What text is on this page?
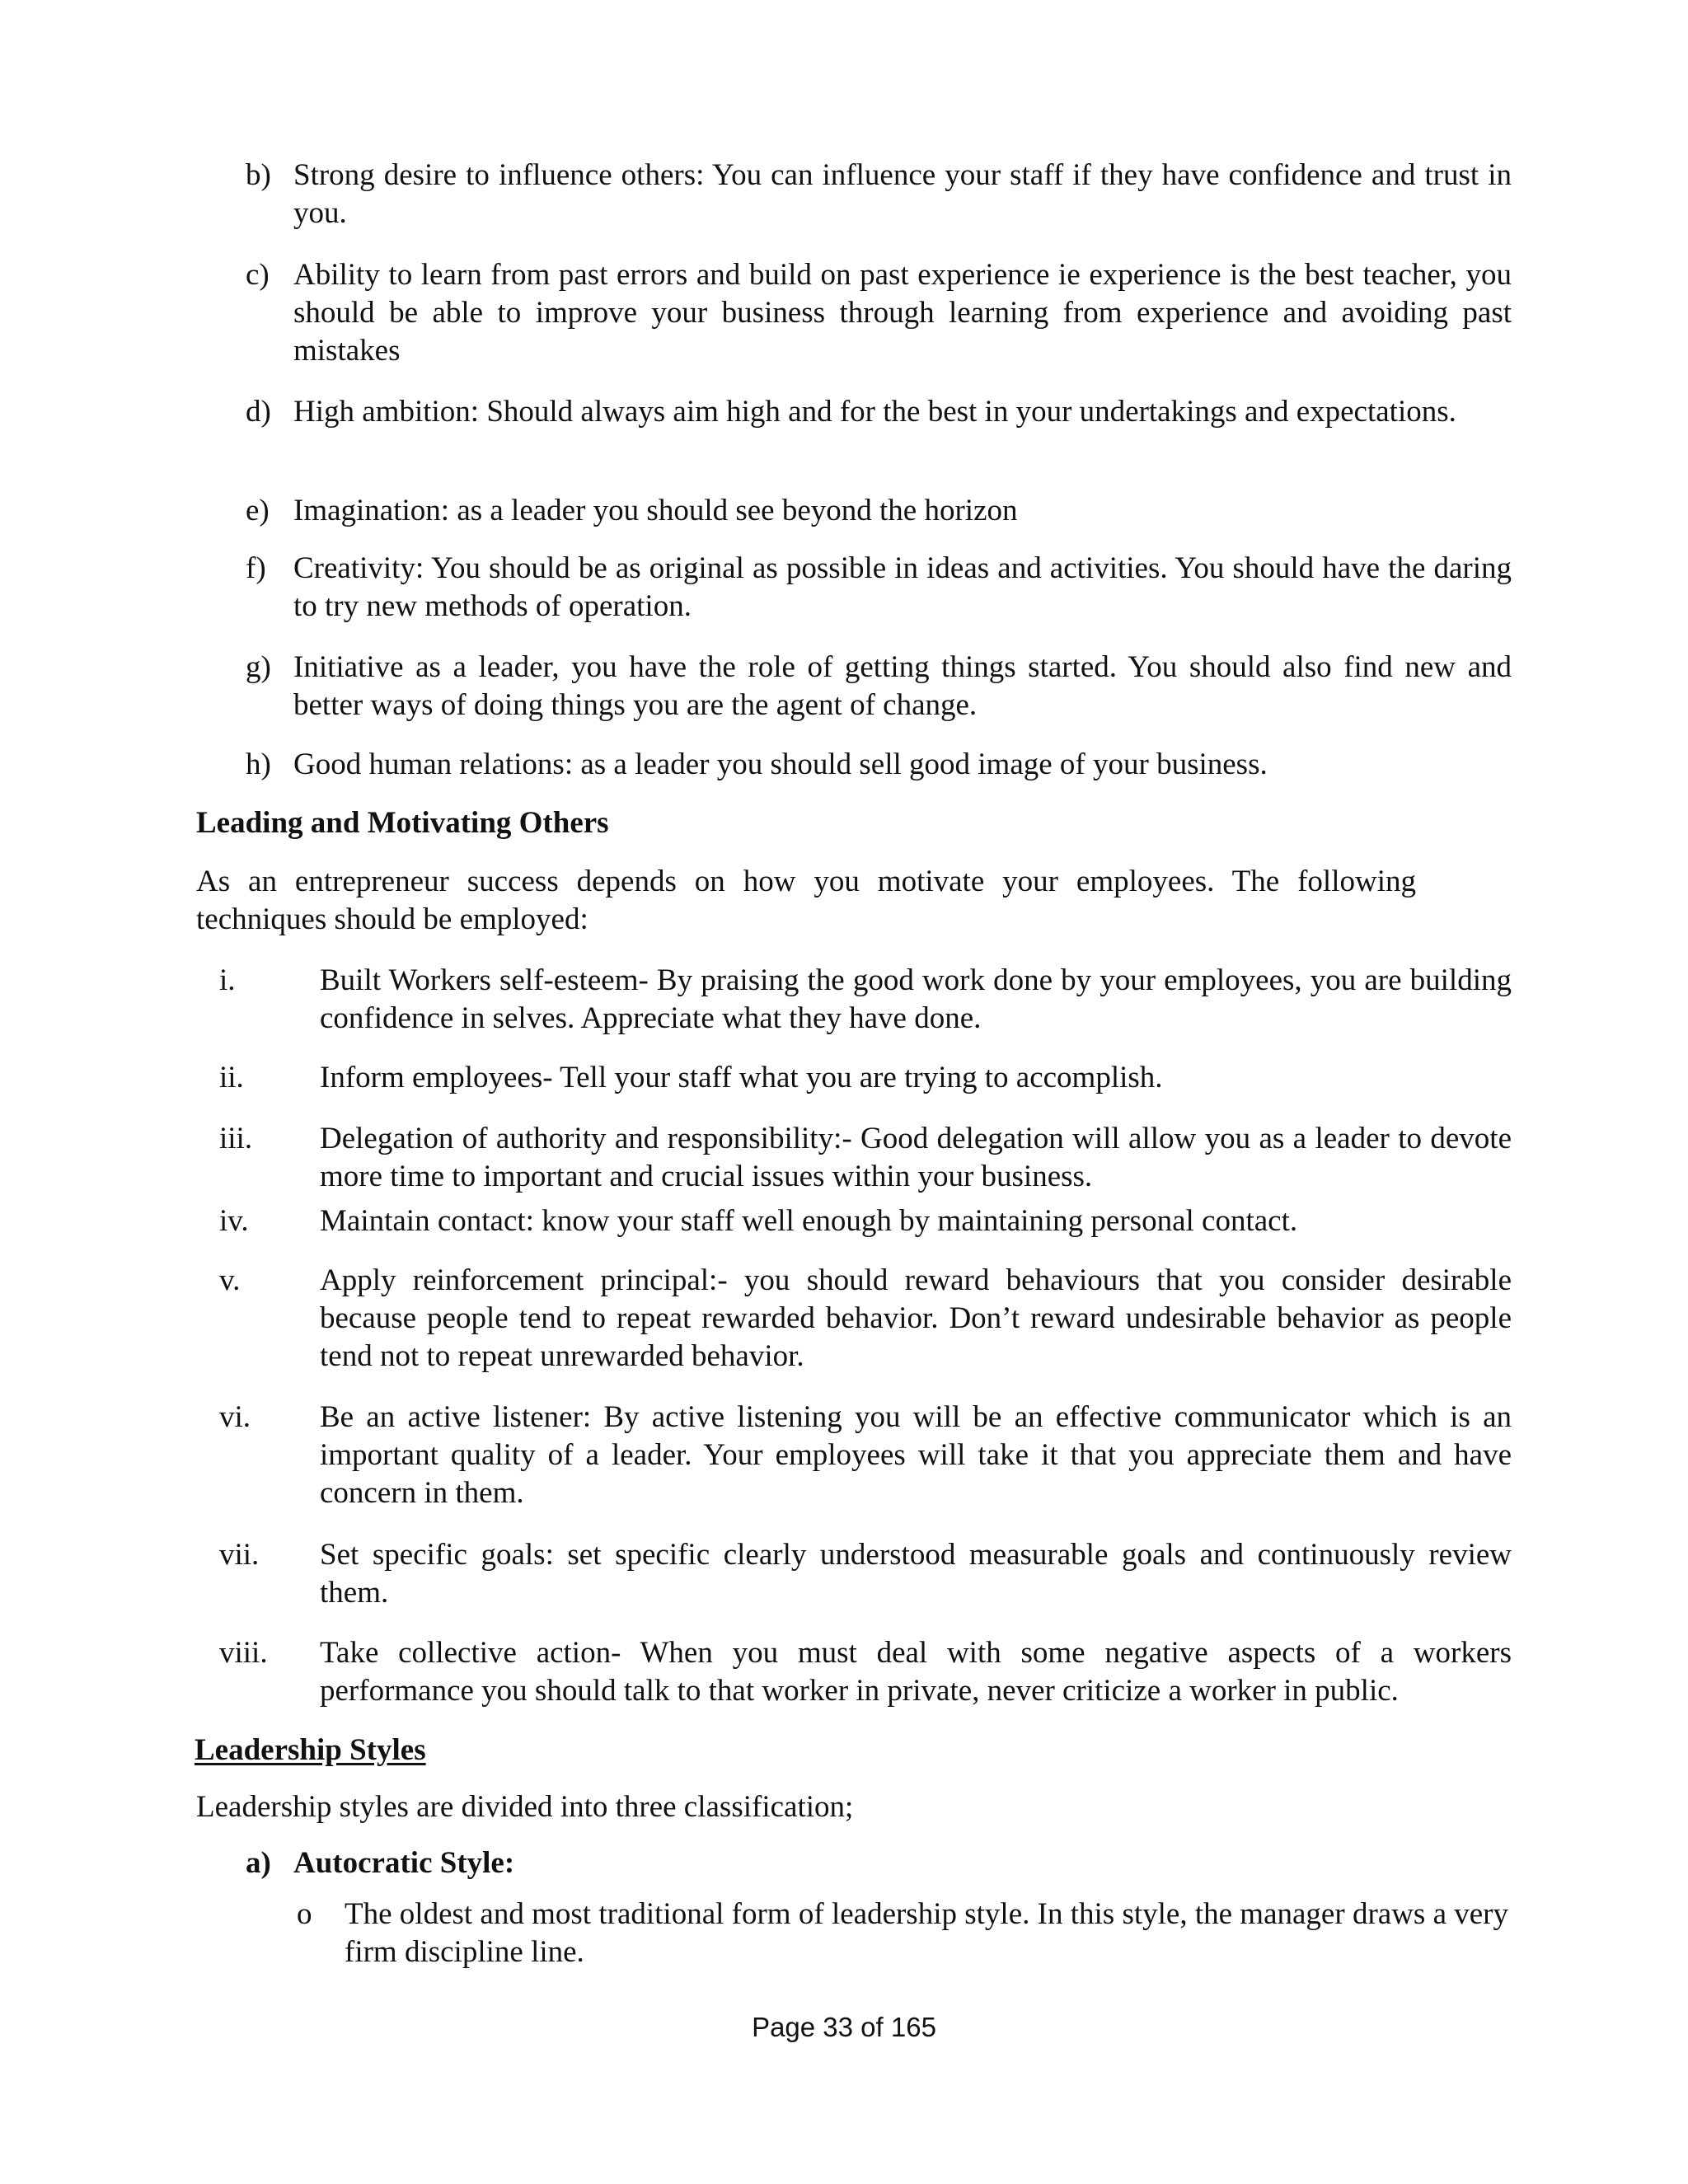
b) Strong desire to influence others: You can influence your staff if they have confidence and trust in you.
c) Ability to learn from past errors and build on past experience ie experience is the best teacher, you should be able to improve your business through learning from experience and avoiding past mistakes
d) High ambition: Should always aim high and for the best in your undertakings and expectations.
e) Imagination: as a leader you should see beyond the horizon
f) Creativity: You should be as original as possible in ideas and activities. You should have the daring to try new methods of operation.
g) Initiative as a leader, you have the role of getting things started. You should also find new and better ways of doing things you are the agent of change.
h) Good human relations: as a leader you should sell good image of your business.
Leading and Motivating Others
As an entrepreneur success depends on how you motivate your employees. The following techniques should be employed:
i.	Built Workers self-esteem- By praising the good work done by your employees, you are building confidence in selves. Appreciate what they have done.
ii. Inform employees- Tell your staff what you are trying to accomplish.
iii. Delegation of authority and responsibility:- Good delegation will allow you as a leader to devote more time to important and crucial issues within your business.
iv. Maintain contact: know your staff well enough by maintaining personal contact.
v.	Apply reinforcement principal:- you should reward behaviours that you consider desirable because people tend to repeat rewarded behavior. Don’t reward undesirable behavior as people tend not to repeat unrewarded behavior.
vi. Be an active listener: By active listening you will be an effective communicator which is an important quality of a leader. Your employees will take it that you appreciate them and have concern in them.
vii. Set specific goals: set specific clearly understood measurable goals and continuously review them.
viii. Take collective action- When you must deal with some negative aspects of a workers performance you should talk to that worker in private, never criticize a worker in public.
Leadership Styles
Leadership styles are divided into three classification;
a) Autocratic Style:
o The oldest and most traditional form of leadership style. In this style, the manager draws a very firm discipline line.
Page 33 of 165
